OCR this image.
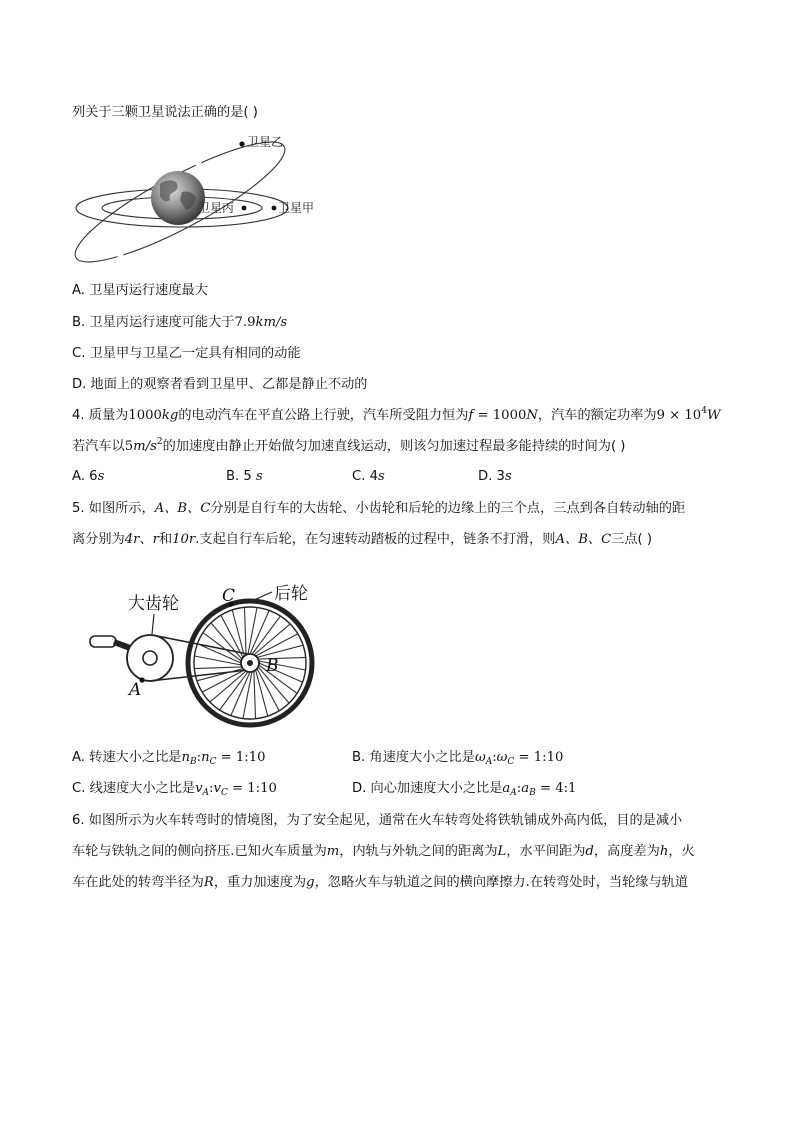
列关于三颗卫星说法正确的是( )
卫星乙
卫星丙	卫星甲
A. 卫星丙运行速度最大
B. 卫星丙运行速度可能大于7.9km/s
C. 卫星甲与卫星乙一定具有相同的动能
D. 地面上的观察者看到卫星甲、乙都是静止不动的
4. 质量为1000kg的电动汽车在平直公路上行驶，汽车所受阻力恒为f = 1000N，汽车的额定功率为$9 \times 10^4W$
若汽车以$5m/s^2$的加速度由静止开始做匀加速直线运动，则该匀加速过程最多能持续的时间为( )
A. 6s	B. 5 s	C. 4s	D. 3s
5. 如图所示，A、B、C分别是自行车的大齿轮、小齿轮和后轮的边缘上的三个点，三点到各自转动轴的距
离分别为4r、r和10r.支起自行车后轮，在匀速转动踏板的过程中，链条不打滑，则A、B、C三点( )
大齿轮	后轮
A
B
C
A. 转速大小之比是$n_B:n_C$ = 1:10	B. 角速度大小之比是$\omega_A:\omega_C$ = 1:10
C. 线速度大小之比是$v_A:v_C$ = 1:10	D. 向心加速度大小之比是$a_A:a_B$ = 4:1
6. 如图所示为火车转弯时的情境图，为了安全起见，通常在火车转弯处将铁轨铺成外高内低，目的是减小
车轮与铁轨之间的侧向挤压.已知火车质量为m，内轨与外轨之间的距离为L，水平间距为d，高度差为h，火
车在此处的转弯半径为R，重力加速度为g，忽略火车与轨道之间的横向摩擦力.在转弯处时，当轮缘与轨道
